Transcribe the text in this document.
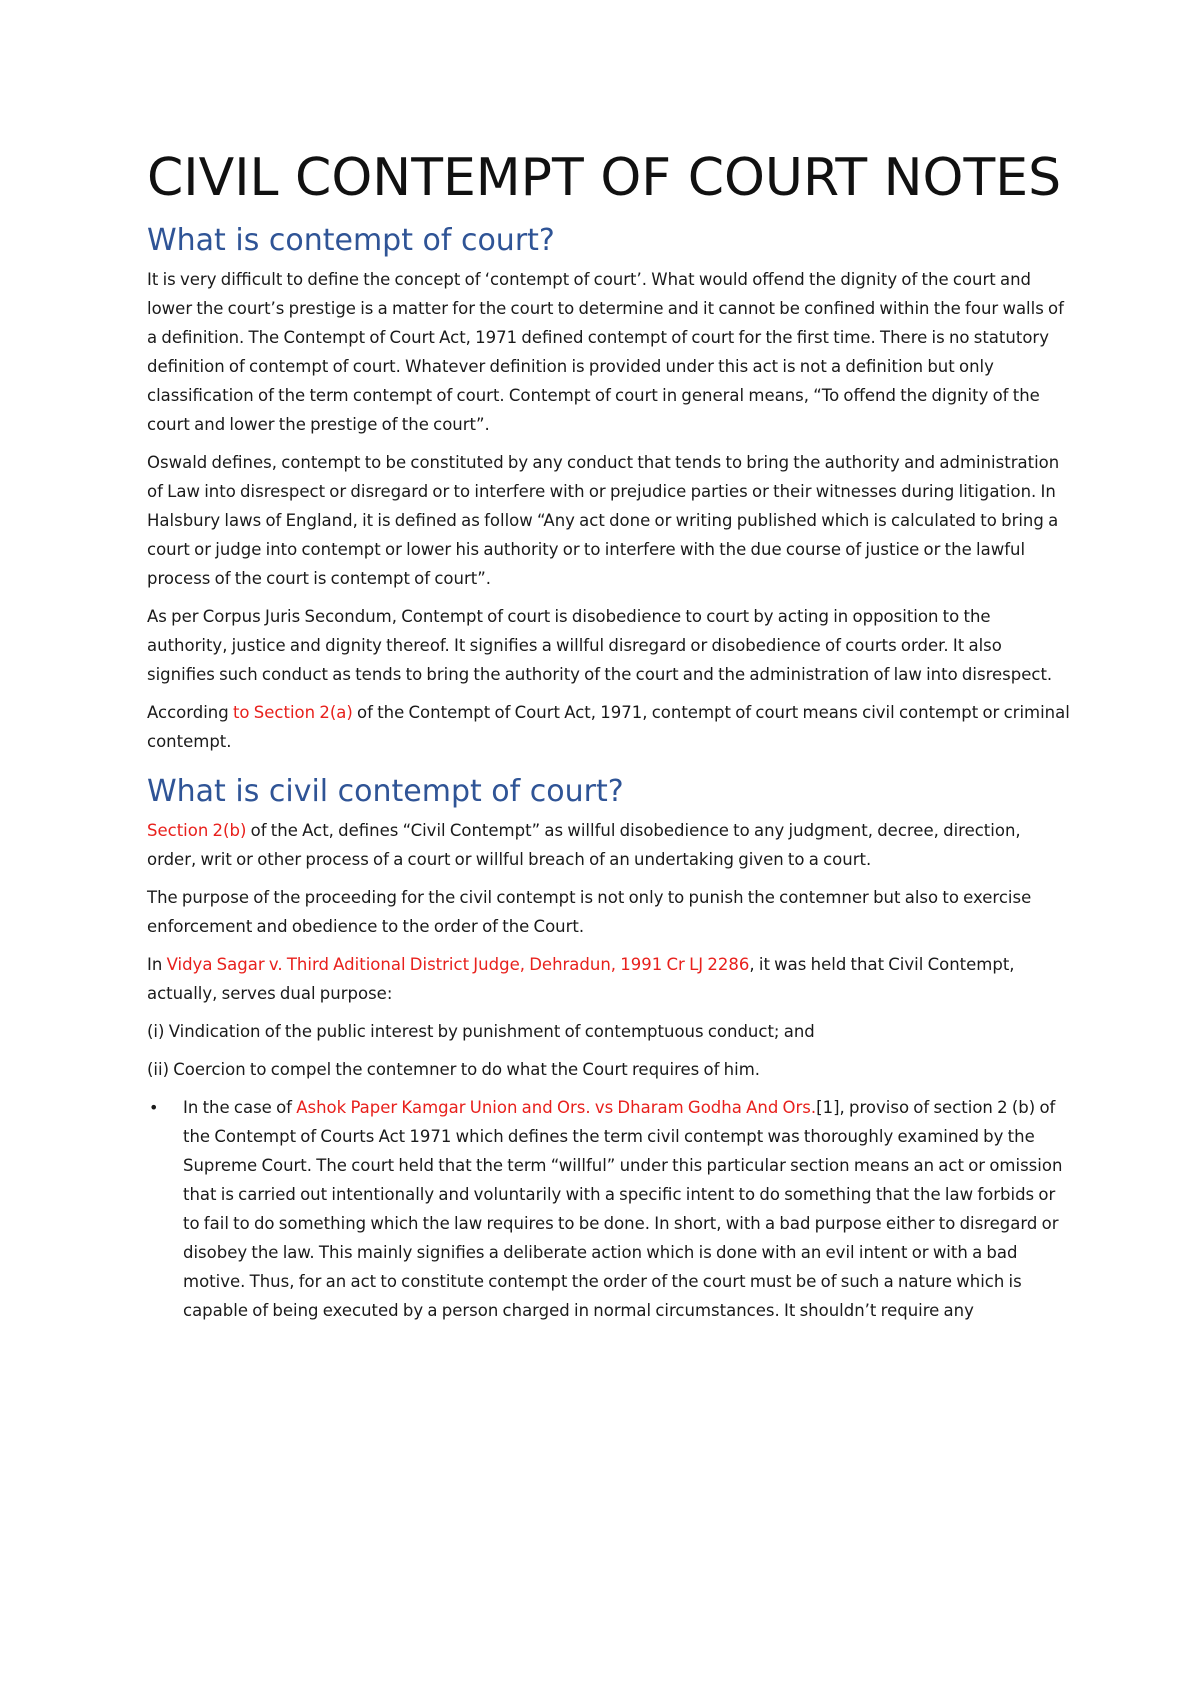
CIVIL CONTEMPT OF COURT NOTES
What is contempt of court?

It is very difficult to define the concept of ‘contempt of court’. What would offend the dignity of the court and lower the court’s prestige is a matter for the court to determine and it cannot be confined within the four walls of a definition. The Contempt of Court Act, 1971 defined contempt of court for the first time. There is no statutory definition of contempt of court. Whatever definition is provided under this act is not a definition but only classification of the term contempt of court. Contempt of court in general means, “To offend the dignity of the court and lower the prestige of the court”.

Oswald defines, contempt to be constituted by any conduct that tends to bring the authority and administration of Law into disrespect or disregard or to interfere with or prejudice parties or their witnesses during litigation. In Halsbury laws of England, it is defined as follow “Any act done or writing published which is calculated to bring a court or judge into contempt or lower his authority or to interfere with the due course of justice or the lawful process of the court is contempt of court”.

As per Corpus Juris Secondum, Contempt of court is disobedience to court by acting in opposition to the authority, justice and dignity thereof. It signifies a willful disregard or disobedience of courts order. It also signifies such conduct as tends to bring the authority of the court and the administration of law into disrespect.

According to Section 2(a) of the Contempt of Court Act, 1971, contempt of court means civil contempt or criminal contempt.

What is civil contempt of court?

Section 2(b) of the Act, defines “Civil Contempt” as willful disobedience to any judgment, decree, direction, order, writ or other process of a court or willful breach of an undertaking given to a court.

The purpose of the proceeding for the civil contempt is not only to punish the contemner but also to exercise enforcement and obedience to the order of the Court.

In Vidya Sagar v. Third Aditional District Judge, Dehradun, 1991 Cr LJ 2286, it was held that Civil Contempt, actually, serves dual purpose:

(i) Vindication of the public interest by punishment of contemptuous conduct; and

(ii) Coercion to compel the contemner to do what the Court requires of him.

• In the case of Ashok Paper Kamgar Union and Ors. vs Dharam Godha And Ors.[1], proviso of section 2 (b) of the Contempt of Courts Act 1971 which defines the term civil contempt was thoroughly examined by the Supreme Court. The court held that the term “willful” under this particular section means an act or omission that is carried out intentionally and voluntarily with a specific intent to do something that the law forbids or to fail to do something which the law requires to be done. In short, with a bad purpose either to disregard or disobey the law. This mainly signifies a deliberate action which is done with an evil intent or with a bad motive. Thus, for an act to constitute contempt the order of the court must be of such a nature which is capable of being executed by a person charged in normal circumstances. It shouldn’t require any
